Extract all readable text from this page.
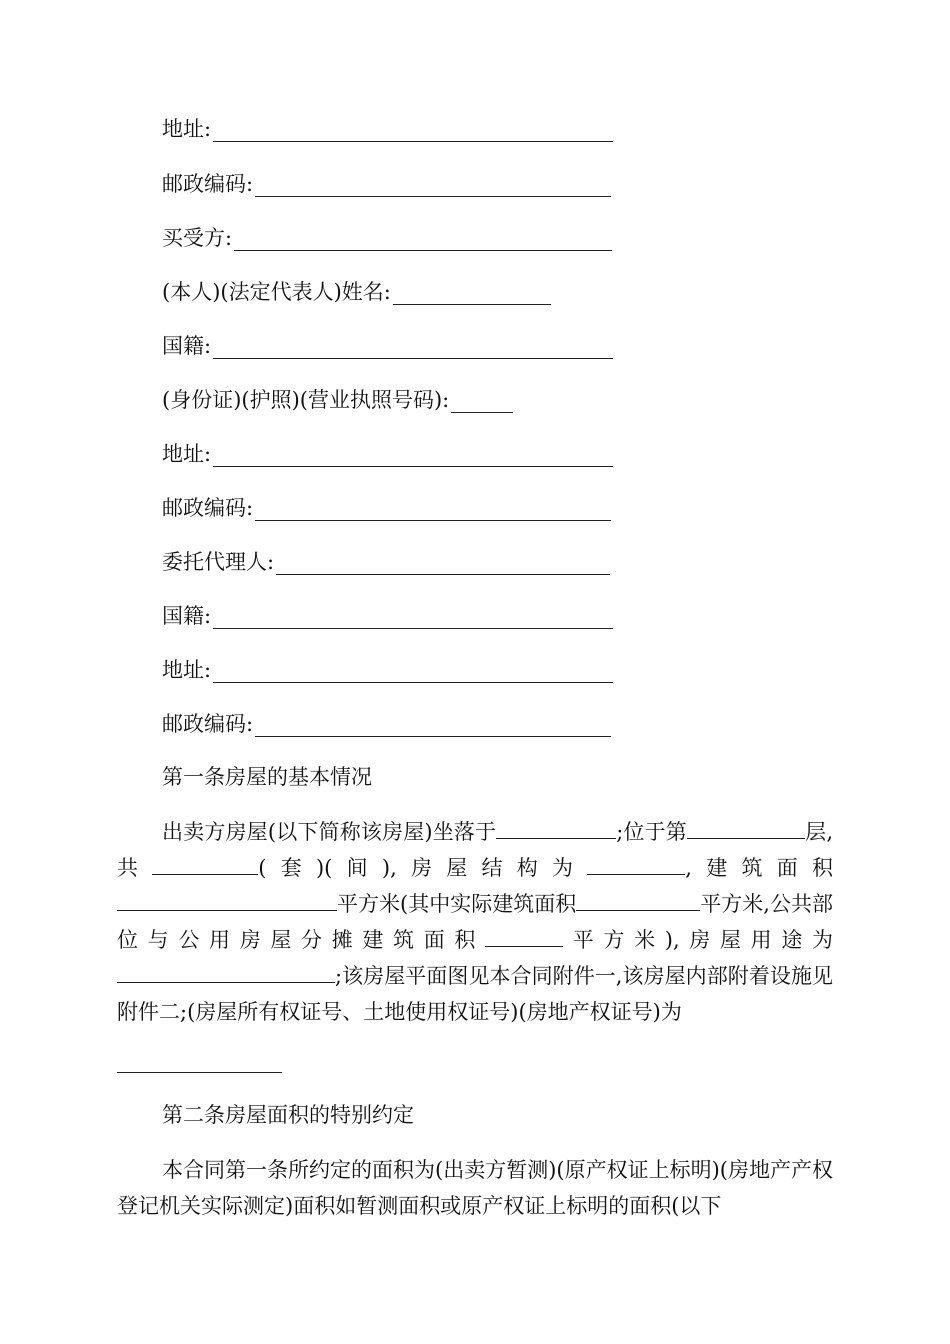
地址:
邮政编码:
买受方:
(本人)(法定代表人)姓名:
国籍:
(身份证)(护照)(营业执照号码):
地址:
邮政编码:
委托代理人:
国籍:
地址:
邮政编码:
第一条房屋的基本情况
出卖方房屋(以下简称该房屋)坐落于	;位于第	层,共	(套)(间),房屋结构为	,建筑面积平方米(其中实际建筑面积	平方米,公共部位与公用房屋分摊建筑面积	平方米),房屋用途为;该房屋平面图见本合同附件一,该房屋内部附着设施见附件二;(房屋所有权证号、土地使用权证号)(房地产权证号)为
第二条房屋面积的特别约定
本合同第一条所约定的面积为(出卖方暂测)(原产权证上标明)(房地产产权登记机关实际测定)面积如暂测面积或原产权证上标明的面积(以下
